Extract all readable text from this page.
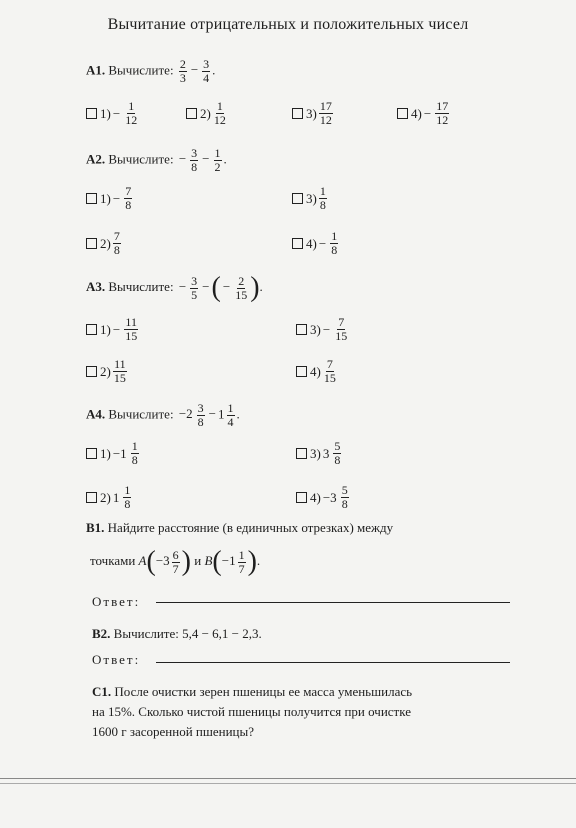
Вычитание отрицательных и положительных чисел
A1. Вычислите: $\frac{2}{3} - \frac{3}{4}$ .
$1) - \frac{1}{12}$	$2) \frac{1}{12}$	$3) \frac{17}{12}$	$4) - \frac{17}{12}$
A2. Вычислите: − $\frac{3}{8} - \frac{1}{2}$ .
$1) - \frac{7}{8}$	$3) \frac{1}{8}$
$2) \frac{7}{8}$	$4) - \frac{1}{8}$
A3. Вычислите: − $\frac{3}{5}$ −( − $\frac{2}{15}$ ).
$1) - \frac{11}{15}$	$3) - \frac{7}{15}$
$2) \frac{11}{15}$	$4) \frac{7}{15}$
A4. Вычислите: $-2 \frac{3}{8} - 1 \frac{1}{4}$ .
$1) -1 \frac{1}{8}$	3) $3 \frac{5}{8}$
2) $1 \frac{1}{8}$	$4) -3 \frac{5}{8}$
B1. Найдите расстояние (в единичных отрезках) между
точками $A(-3 \frac{6}{7}$ ) и $B(-1 \frac{1}{7}$ ).
Ответ:
B2. Вычислите: 5,4 − 6,1 − 2,3.
Ответ:
C1. После очистки зерен пшеницы ее масса уменьшилась
на 15%. Сколько чистой пшеницы получится при очистке
1600 г засоренной пшеницы?
